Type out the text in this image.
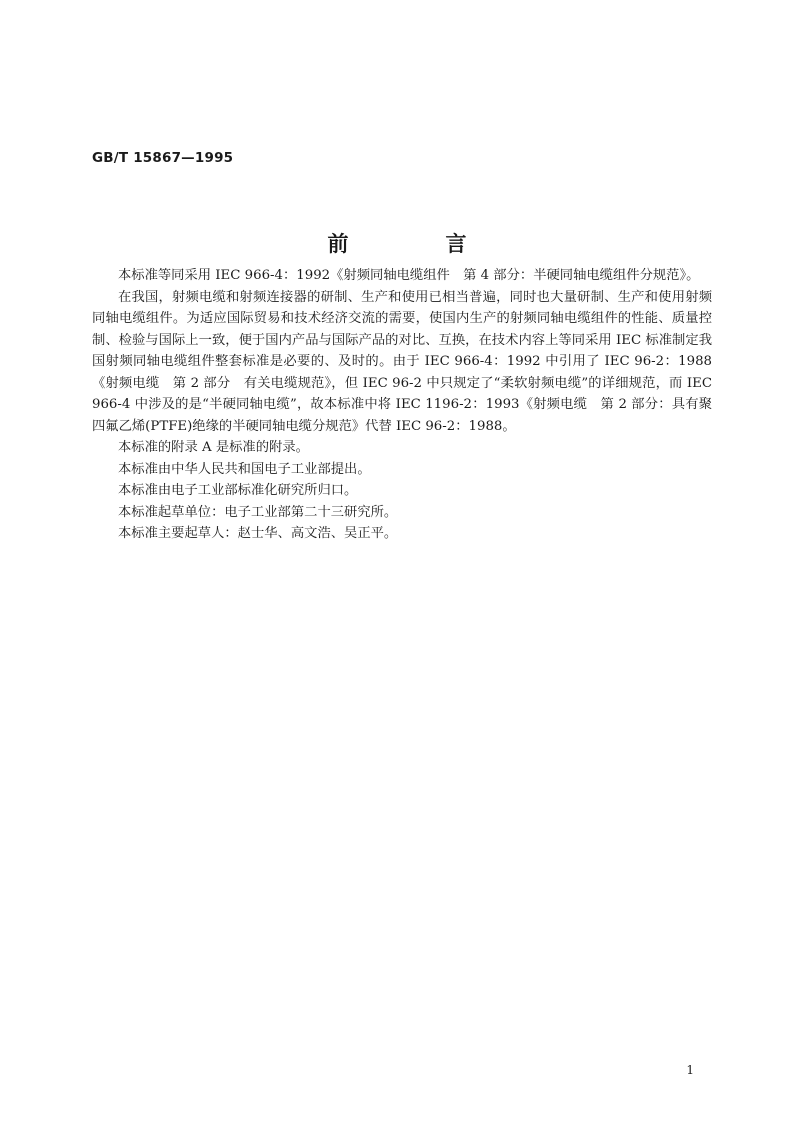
GB/T 15867—1995
前　言

本标准等同采用 IEC 966-4：1992《射频同轴电缆组件　第 4 部分：半硬同轴电缆组件分规范》。

在我国，射频电缆和射频连接器的研制、生产和使用已相当普遍，同时也大量研制、生产和使用射频同轴电缆组件。为适应国际贸易和技术经济交流的需要，使国内生产的射频同轴电缆组件的性能、质量控制、检验与国际上一致，便于国内产品与国际产品的对比、互换，在技术内容上等同采用 IEC 标准制定我国射频同轴电缆组件整套标准是必要的、及时的。由于 IEC 966-4：1992 中引用了 IEC 96-2：1988《射频电缆　第 2 部分　有关电缆规范》，但 IEC 96-2 中只规定了“柔软射频电缆”的详细规范，而 IEC 966-4 中涉及的是“半硬同轴电缆”，故本标准中将 IEC 1196-2：1993《射频电缆　第 2 部分：具有聚四氟乙烯(PTFE)绝缘的半硬同轴电缆分规范》代替 IEC 96-2：1988。

本标准的附录 A 是标准的附录。

本标准由中华人民共和国电子工业部提出。

本标准由电子工业部标准化研究所归口。

本标准起草单位：电子工业部第二十三研究所。

本标准主要起草人：赵士华、高文浩、吴正平。

1
